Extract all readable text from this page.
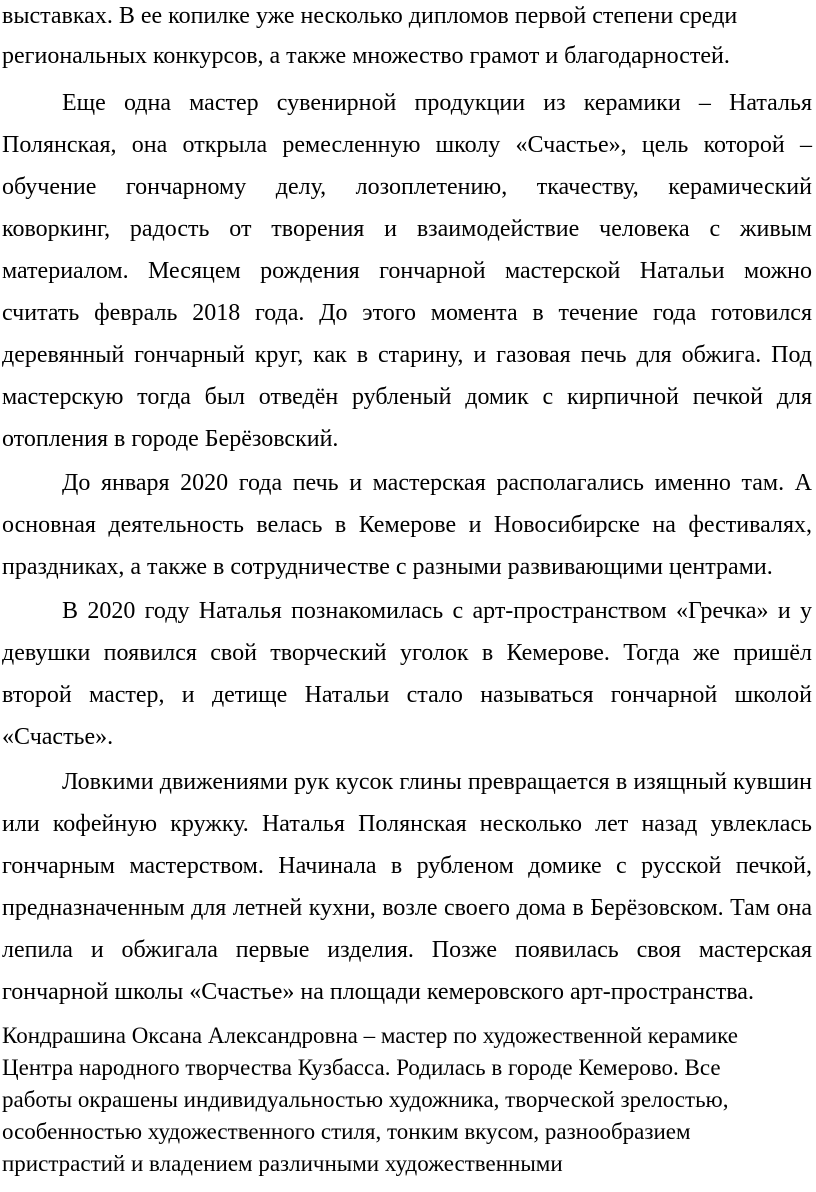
выставках. В ее копилке уже несколько дипломов первой степени среди
региональных конкурсов, а также множество грамот и благодарностей.
Еще одна мастер сувенирной продукции из керамики – Наталья
Полянская, она открыла ремесленную школу «Счастье», цель которой –
обучение гончарному делу, лозоплетению, ткачеству, керамический
коворкинг, радость от творения и взаимодействие человека с живым
материалом. Месяцем рождения гончарной мастерской Натальи можно
считать февраль 2018 года. До этого момента в течение года готовился
деревянный гончарный круг, как в старину, и газовая печь для обжига. Под
мастерскую тогда был отведён рубленый домик с кирпичной печкой для
отопления в городе Берёзовский.
До января 2020 года печь и мастерская располагались именно там. А
основная деятельность велась в Кемерове и Новосибирске на фестивалях,
праздниках, а также в сотрудничестве с разными развивающими центрами.
В 2020 году Наталья познакомилась с арт-пространством «Гречка» и у
девушки появился свой творческий уголок в Кемерове. Тогда же пришёл
второй мастер, и детище Натальи стало называться гончарной школой
«Счастье».
Ловкими движениями рук кусок глины превращается в изящный кувшин
или кофейную кружку. Наталья Полянская несколько лет назад увлеклась
гончарным мастерством. Начинала в рубленом домике с русской печкой,
предназначенным для летней кухни, возле своего дома в Берёзовском. Там она
лепила и обжигала первые изделия. Позже появилась своя мастерская
гончарной школы «Счастье» на площади кемеровского арт-пространства.
Кондрашина Оксана Александровна – мастер по художественной керамике
Центра народного творчества Кузбасса. Родилась в городе Кемерово. Все
работы окрашены индивидуальностью художника, творческой зрелостью,
особенностью художественного стиля, тонким вкусом, разнообразием
пристрастий и владением различными художественными
